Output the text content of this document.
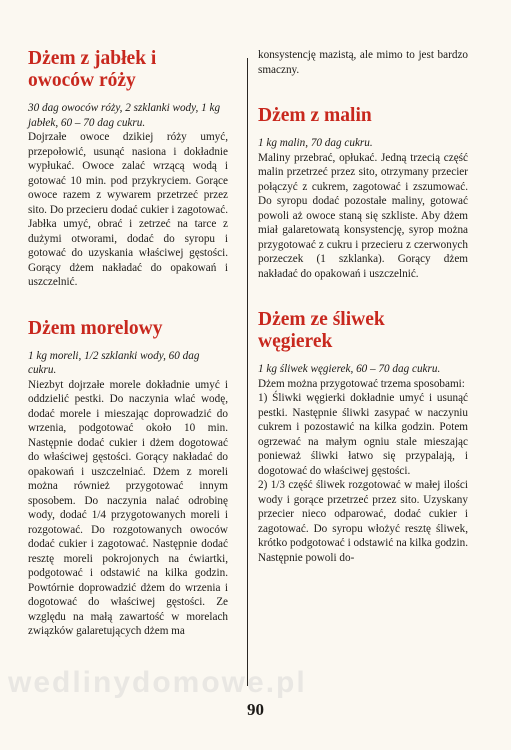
Dżem z jabłek i owoców róży

30 dag owoców róży, 2 szklanki wody, 1 kg jabłek, 60 – 70 dag cukru.

Dojrzałe owoce dzikiej róży umyć, przepołowić, usunąć nasiona i dokładnie wypłukać. Owoce zalać wrzącą wodą i gotować 10 min. pod przykryciem. Gorące owoce razem z wywarem przetrzeć przez sito. Do przecieru dodać cukier i zagotować. Jabłka umyć, obrać i zetrzeć na tarce z dużymi otworami, dodać do syropu i gotować do uzyskania właściwej gęstości. Gorący dżem nakładać do opakowań i uszczelnić.

Dżem morelowy

1 kg moreli, 1/2 szklanki wody, 60 dag cukru.

Niezbyt dojrzałe morele dokładnie umyć i oddzielić pestki. Do naczynia wlać wodę, dodać morele i mieszając doprowadzić do wrzenia, podgotować około 10 min. Następnie dodać cukier i dżem dogotować do właściwej gęstości. Gorący nakładać do opakowań i uszczelniać. Dżem z moreli można również przygotować innym sposobem. Do naczynia nalać odrobinę wody, dodać 1/4 przygotowanych moreli i rozgotować. Do rozgotowanych owoców dodać cukier i zagotować. Następnie dodać resztę moreli pokrojonych na ćwiartki, podgotować i odstawić na kilka godzin. Powtórnie doprowadzić dżem do wrzenia i dogotować do właściwej gęstości. Ze względu na małą zawartość w morelach związków galaretujących dżem ma

konsystencję mazistą, ale mimo to jest bardzo smaczny.

Dżem z malin

1 kg malin, 70 dag cukru.

Maliny przebrać, opłukać. Jedną trzecią część malin przetrzeć przez sito, otrzymany przecier połączyć z cukrem, zagotować i zszumować. Do syropu dodać pozostałe maliny, gotować powoli aż owoce staną się szkliste. Aby dżem miał galaretowatą konsystencję, syrop można przygotować z cukru i przecieru z czerwonych porzeczek (1 szklanka). Gorący dżem nakładać do opakowań i uszczelnić.

Dżem ze śliwek węgierek

1 kg śliwek węgierek, 60 – 70 dag cukru.

Dżem można przygotować trzema sposobami:

1) Śliwki węgierki dokładnie umyć i usunąć pestki. Następnie śliwki zasypać w naczyniu cukrem i pozostawić na kilka godzin. Potem ogrzewać na małym ogniu stale mieszając ponieważ śliwki łatwo się przypalają, i dogotować do właściwej gęstości.

2) 1/3 część śliwek rozgotować w małej ilości wody i gorące przetrzeć przez sito. Uzyskany przecier nieco odparować, dodać cukier i zagotować. Do syropu włożyć resztę śliwek, krótko podgotować i odstawić na kilka godzin. Następnie powoli do-

wedlinydomowe.pl
90
